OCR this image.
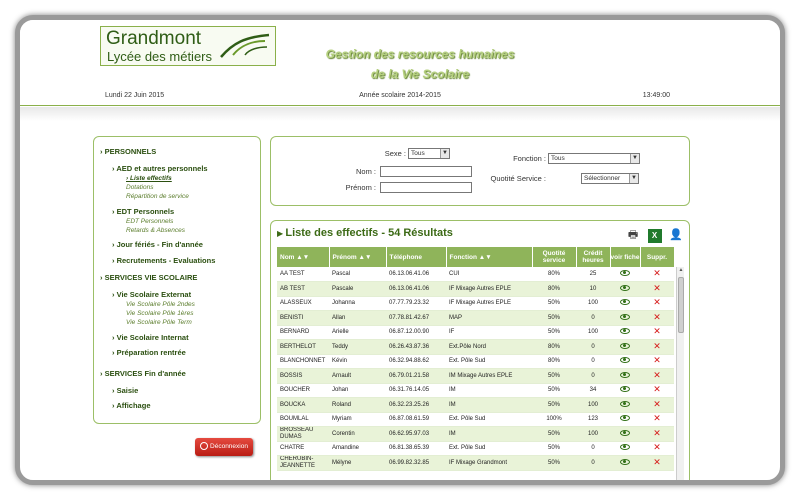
Grandmont
Lycée des métiers	Gestion des resources humaines
de la Vie Scolaire
Lundi 22 Juin 2015	Année scolaire 2014-2015	13:49:00
› PERSONNELS
› AED et autres personnels
› Liste effectifs
Dotations
Répartition de service
› EDT Personnels
EDT Personnels
Retards & Absences
› Jour fériés - Fin d'année
› Recrutements - Evaluations
› SERVICES VIE SCOLAIRE
› Vie Scolaire Externat
Vie Scolaire Pôle 2ndes
Vie Scolaire Pôle 1ères
Vie Scolaire Pôle Term
› Vie Scolaire Internat
› Préparation rentrée
› SERVICES Fin d'année
› Saisie
› Affichage
Déconnexion
Sexe : Tous	▼
Nom :
Prénom :
Fonction : Tous	▼
Quotité Service :	Sélectionner	▼
▶ Liste des effectifs - 54 Résultats	🖶 X 👤
Nom ▲▼	Prénom ▲▼	Téléphone	Fonction ▲▼	Quotité service	Crédit heures	voir fiche	Suppr.
AA TEST	Pascal	06.13.06.41.06	CUI	80%	25		✕
AB TEST	Pascale	06.13.06.41.06	IF Mixage Autres EPLE	80%	10		✕
ALASSEUX	Johanna	07.77.79.23.32	IF Mixage Autres EPLE	50%	100		✕
BENISTI	Allan	07.78.81.42.67	MAP	50%	0		✕
BERNARD	Arielle	06.87.12.00.90	IF	50%	100		✕
BERTHELOT	Teddy	06.26.43.87.36	Ext.Pôle Nord	80%	0		✕
BLANCHONNET	Kévin	06.32.94.88.62	Ext. Pôle Sud	80%	0		✕
BOSSIS	Arnault	06.79.01.21.58	IM Mixage Autres EPLE	50%	0		✕
BOUCHER	Johan	06.31.76.14.05	IM	50%	34		✕
BOUCKA	Roland	06.32.23.25.26	IM	50%	100		✕
BOUMLAL	Myriam	06.87.08.61.59	Ext. Pôle Sud	100%	123		✕
BROSSEAU DUMAS	Corentin	06.62.95.97.03	IM	50%	100		✕
CHATRE	Amandine	06.81.38.65.39	Ext. Pôle Sud	50%	0		✕
CHERUBIN-JEANNETTE	Mélyne	06.99.82.32.85	IF Mixage Grandmont	50%	0		✕
▲
